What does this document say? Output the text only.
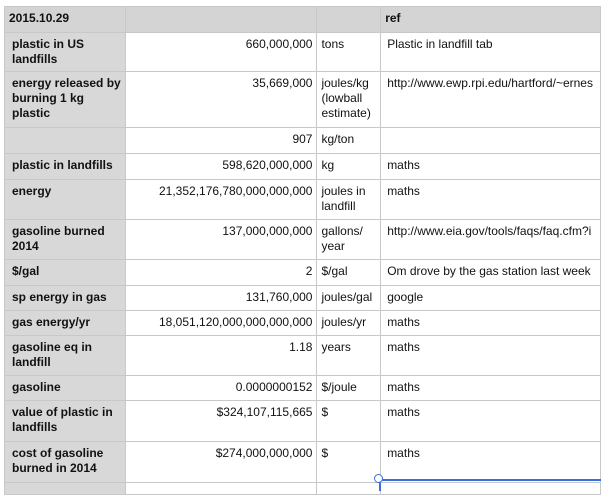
2015.10.29			ref
plastic in US landfills	660,000,000	tons	Plastic in landfill tab
energy released by burning 1 kg plastic	35,669,000	joules/kg (lowball estimate)	http://www.ewp.rpi.edu/hartford/~ernes
	907	kg/ton	
plastic in landfills	598,620,000,000	kg	maths
energy	21,352,176,780,000,000,000	joules in landfill	maths
gasoline burned 2014	137,000,000,000	gallons/ year	http://www.eia.gov/tools/faqs/faq.cfm?i
$/gal	2	$/gal	Om drove by the gas station last week
sp energy in gas	131,760,000	joules/gal	google
gas energy/yr	18,051,120,000,000,000,000	joules/yr	maths
gasoline eq in landfill	1.18	years	maths
gasoline	0.0000000152	$/joule	maths
value of plastic in landfills	$324,107,115,665	$	maths
cost of gasoline burned in 2014	$274,000,000,000	$	maths
